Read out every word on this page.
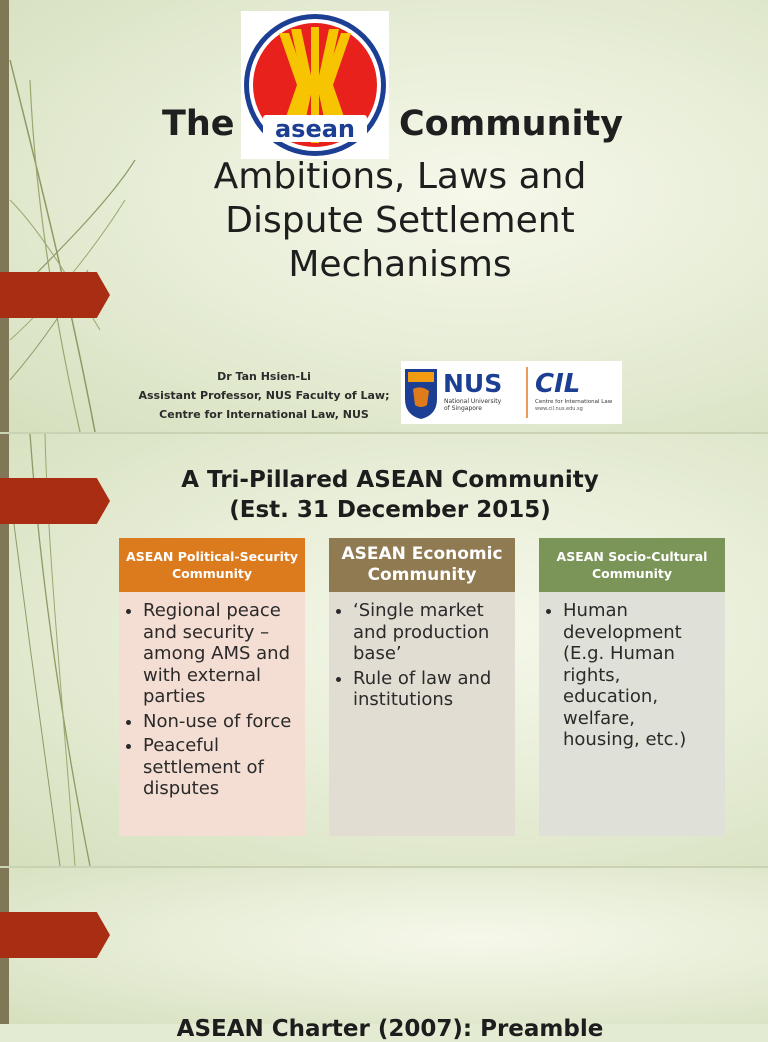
The asean Community
Ambitions, Laws and
Dispute Settlement
Mechanisms
Dr Tan Hsien-Li
Assistant Professor, NUS Faculty of Law;
Centre for International Law, NUS
NUS
National University
of Singapore
CIL
Centre for International Law
www.cil.nus.edu.sg
A Tri-Pillared ASEAN Community
(Est. 31 December 2015)
ASEAN Political-Security Community
• Regional peace and security – among AMS and with external parties
• Non-use of force
• Peaceful settlement of disputes
ASEAN Economic Community
• ‘Single market and production base’
• Rule of law and institutions
ASEAN Socio-Cultural Community
• Human development (E.g. Human rights, education, welfare, housing, etc.)
ASEAN Charter (2007): Preamble
